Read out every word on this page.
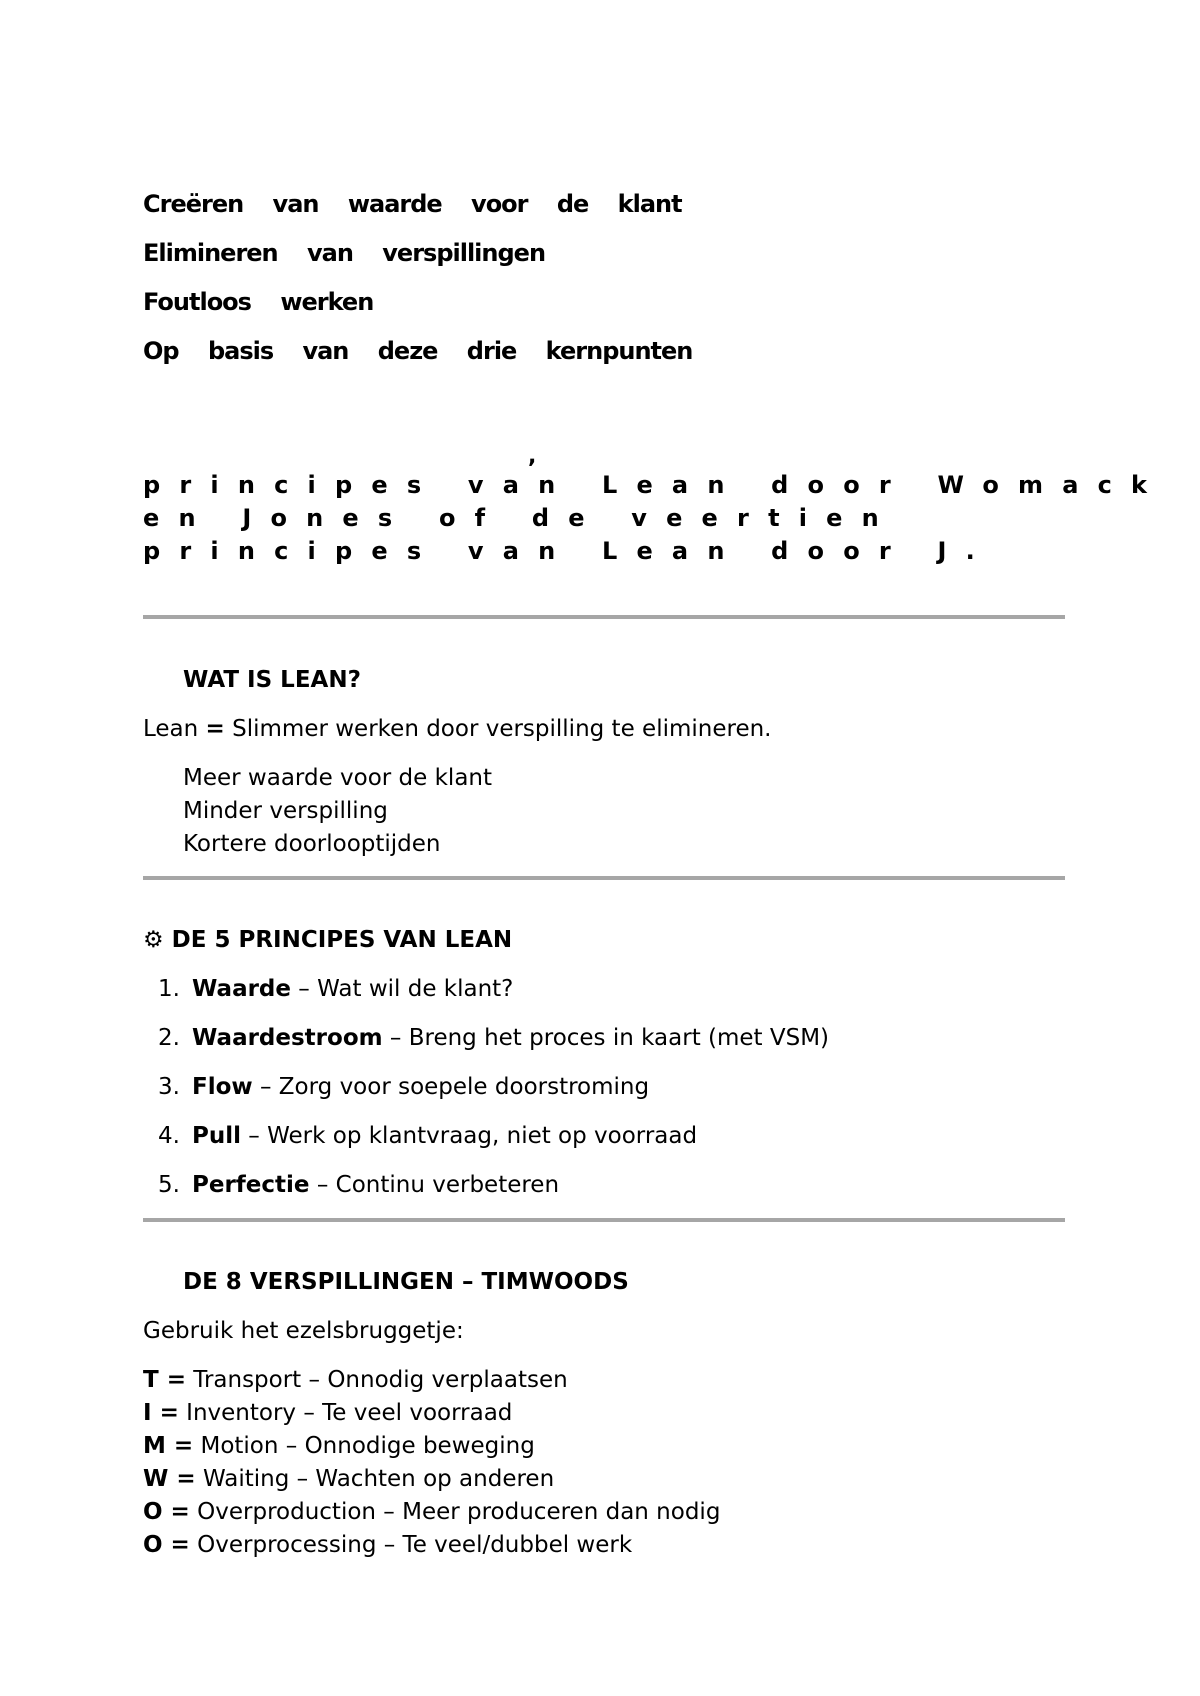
Creëren van waarde voor de klant
Elimineren van verspillingen
Foutloos werken
Op basis van deze drie kernpunten
,
principes van Lean door Womack
en Jones of de veertien
principes van Lean door J.
WAT IS LEAN?
Lean = Slimmer werken door verspilling te elimineren.
Meer waarde voor de klant
Minder verspilling
Kortere doorlooptijden
⚙ DE 5 PRINCIPES VAN LEAN
1. Waarde – Wat wil de klant?
2. Waardestroom – Breng het proces in kaart (met VSM)
3. Flow – Zorg voor soepele doorstroming
4. Pull – Werk op klantvraag, niet op voorraad
5. Perfectie – Continu verbeteren
DE 8 VERSPILLINGEN – TIMWOODS
Gebruik het ezelsbruggetje:
T = Transport – Onnodig verplaatsen
I = Inventory – Te veel voorraad
M = Motion – Onnodige beweging
W = Waiting – Wachten op anderen
O = Overproduction – Meer produceren dan nodig
O = Overprocessing – Te veel/dubbel werk
